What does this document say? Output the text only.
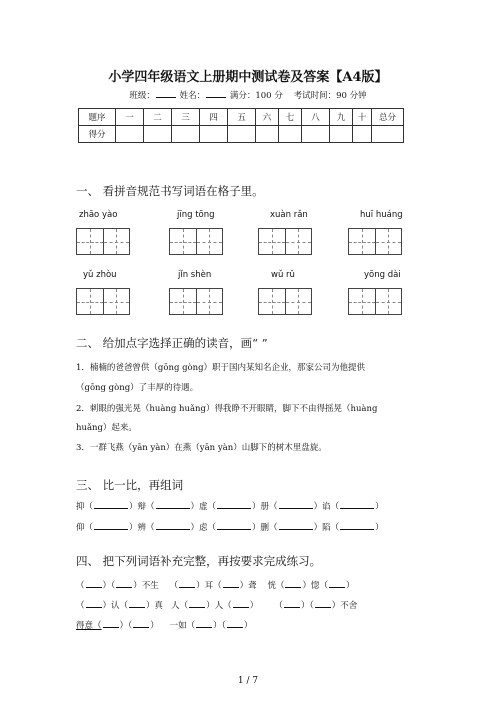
小学四年级语文上册期中测试卷及答案【A4版】
班级：	姓名：	满分：100 分 考试时间：90 分钟
题序	一	二	三	四	五	六	七	八	九	十	总分
得分											
一、 看拼音规范书写词语在格子里。
zhāo yào	jīng tōng	xuàn rǎn	huī huáng
yǔ zhòu	jǐn shèn	wǔ rǔ	yōng dài
二、 给加点字选择正确的读音，画“ ”
1．楠楠的爸爸曾供（gōng gòng）职于国内某知名企业，那家公司为他提供
（gōng gòng）了丰厚的待遇。
2．刺眼的强光晃（huàng huǎng）得我睁不开眼睛，脚下不由得摇晃（huàng
huǎng）起来。
3．一群飞燕（yān yàn）在燕（yān yàn）山脚下的树木里盘旋。
三、 比一比，再组词
抑（	）辩（	）虚（	）册（	）谄（	）
仰（	）辨（	）虑（	）删（	）陷（	）
四、 把下列词语补充完整，再按要求完成练习。
（ ）（ ）不生 （ ）耳（ ）聋 恍（ ）惚（ ）
（ ）认（ ）真 人（ ）人（ ） （ ）（ ）不舍
得意（ ）（ ） 一如（ ）（ ）
1 / 7
